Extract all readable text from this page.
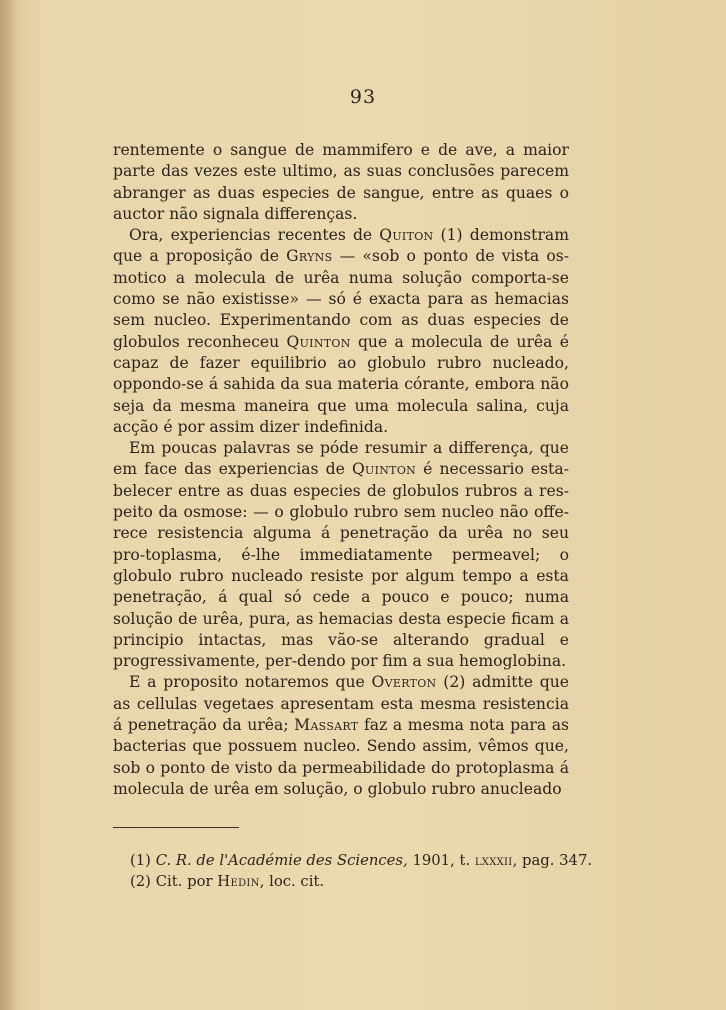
93

rentemente o sangue de mammifero e de ave, a maior parte das vezes este ultimo, as suas conclusões parecem abranger as duas especies de sangue, entre as quaes o auctor não signala differenças.

Ora, experiencias recentes de Quiton (1) demonstram que a proposição de Gryns — «sob o ponto de vista os-motico a molecula de urêa numa solução comporta-se como se não existisse» — só é exacta para as hemacias sem nucleo. Experimentando com as duas especies de globulos reconheceu Quinton que a molecula de urêa é capaz de fazer equilibrio ao globulo rubro nucleado, oppondo-se á sahida da sua materia córante, embora não seja da mesma maneira que uma molecula salina, cuja acção é por assim dizer indefinida.

Em poucas palavras se póde resumir a differença, que em face das experiencias de Quinton é necessario esta-belecer entre as duas especies de globulos rubros a res-peito da osmose: — o globulo rubro sem nucleo não offe-rece resistencia alguma á penetração da urêa no seu pro-toplasma, é-lhe immediatamente permeavel; o globulo rubro nucleado resiste por algum tempo a esta penetração, á qual só cede a pouco e pouco; numa solução de urêa, pura, as hemacias desta especie ficam a principio intactas, mas vão-se alterando gradual e progressivamente, per-dendo por fim a sua hemoglobina.

E a proposito notaremos que Overton (2) admitte que as cellulas vegetaes apresentam esta mesma resistencia á penetração da urêa; Massart faz a mesma nota para as bacterias que possuem nucleo. Sendo assim, vêmos que, sob o ponto de visto da permeabilidade do protoplasma á molecula de urêa em solução, o globulo rubro anucleado

(1) C. R. de l'Académie des Sciences, 1901, t. lxxxii, pag. 347.

(2) Cit. por Hedin, loc. cit.
